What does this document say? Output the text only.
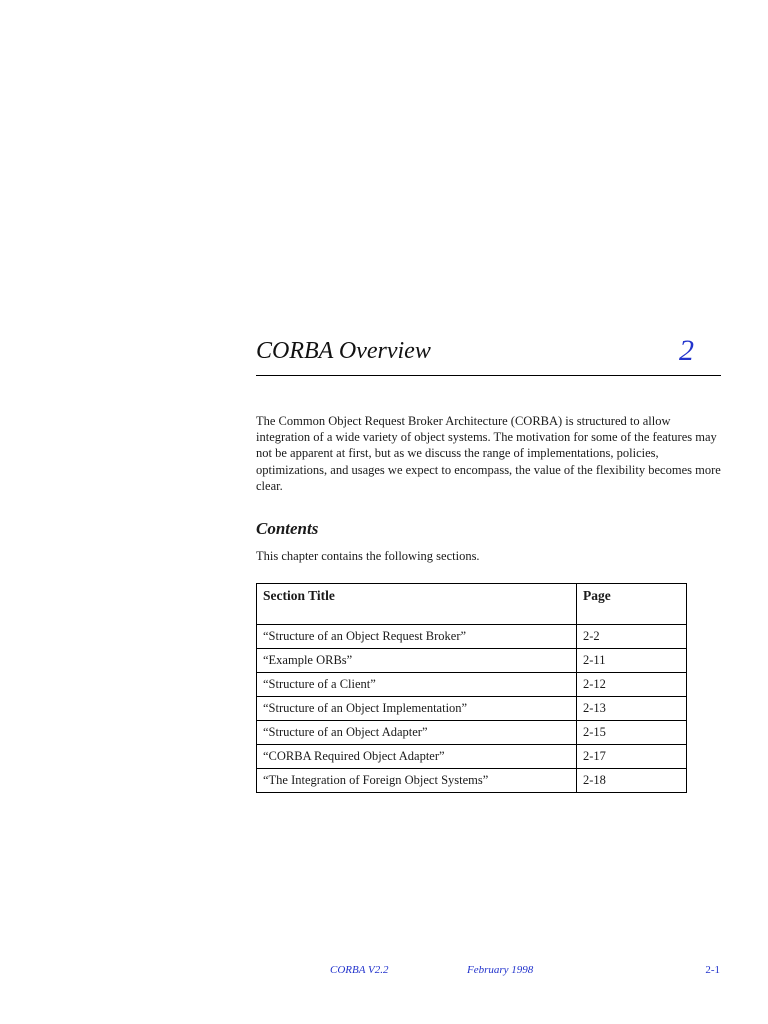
CORBA Overview	2

The Common Object Request Broker Architecture (CORBA) is structured to allow integration of a wide variety of object systems. The motivation for some of the features may not be apparent at first, but as we discuss the range of implementations, policies, optimizations, and usages we expect to encompass, the value of the flexibility becomes more clear.

Contents

This chapter contains the following sections.

Section Title	Page
“Structure of an Object Request Broker”	2-2
“Example ORBs”	2-11
“Structure of a Client”	2-12
“Structure of an Object Implementation”	2-13
“Structure of an Object Adapter”	2-15
“CORBA Required Object Adapter”	2-17
“The Integration of Foreign Object Systems”	2-18
CORBA V2.2	February 1998	2-1
